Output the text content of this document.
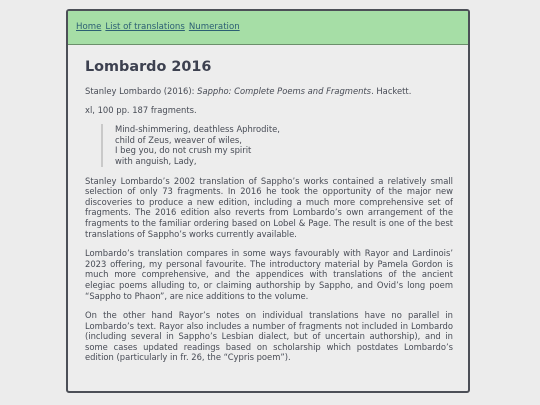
Home List of translations Numeration
Lombardo 2016

Stanley Lombardo (2016): Sappho: Complete Poems and Fragments. Hackett.

xl, 100 pp. 187 fragments.

Mind-shimmering, deathless Aphrodite,
child of Zeus, weaver of wiles,
I beg you, do not crush my spirit
with anguish, Lady,

Stanley Lombardo’s 2002 translation of Sappho’s works contained a relatively small selection of only 73 fragments. In 2016 he took the opportunity of the major new discoveries to produce a new edition, including a much more comprehensive set of fragments. The 2016 edition also reverts from Lombardo’s own arrangement of the fragments to the familiar ordering based on Lobel & Page. The result is one of the best translations of Sappho’s works currently available.

Lombardo’s translation compares in some ways favourably with Rayor and Lardinois’ 2023 offering, my personal favourite. The introductory material by Pamela Gordon is much more comprehensive, and the appendices with translations of the ancient elegiac poems alluding to, or claiming authorship by Sappho, and Ovid’s long poem “Sappho to Phaon”, are nice additions to the volume.

On the other hand Rayor’s notes on individual translations have no parallel in Lombardo’s text. Rayor also includes a number of fragments not included in Lombardo (including several in Sappho’s Lesbian dialect, but of uncertain authorship), and in some cases updated readings based on scholarship which postdates Lombardo’s edition (particularly in fr. 26, the “Cypris poem”).
